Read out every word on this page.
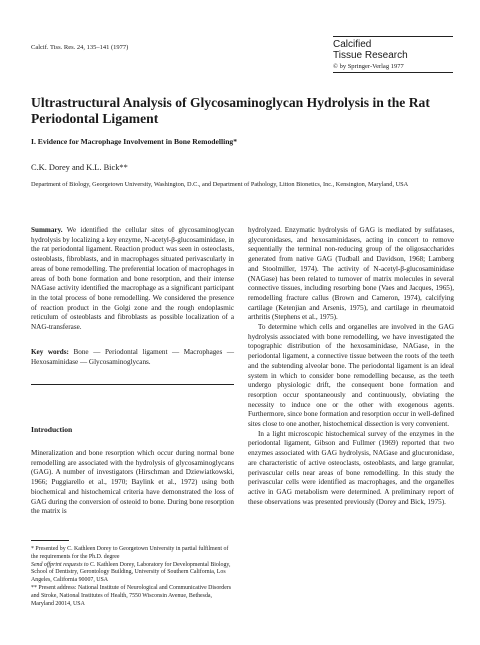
Calcif. Tiss. Res. 24, 135–141 (1977)	Calcified
Tissue Research
© by Springer-Verlag 1977
Ultrastructural Analysis of Glycosaminoglycan Hydrolysis in the Rat Periodontal Ligament
I. Evidence for Macrophage Involvement in Bone Remodelling*
C.K. Dorey and K.L. Bick**
Department of Biology, Georgetown University, Washington, D.C., and Department of Pathology, Litton Bionetics, Inc., Kensington, Maryland, USA

Summary. We identified the cellular sites of glycosaminoglycan hydrolysis by localizing a key enzyme, N-acetyl-β-glucosaminidase, in the rat periodontal ligament. Reaction product was seen in osteoclasts, osteoblasts, fibroblasts, and in macrophages situated perivascularly in areas of bone remodelling. The preferential location of macrophages in areas of both bone formation and bone resorption, and their intense NAGase activity identified the macrophage as a significant participant in the total process of bone remodelling. We considered the presence of reaction product in the Golgi zone and the rough endoplasmic reticulum of osteoblasts and fibroblasts as possible localization of a NAG-transferase.

Key words: Bone — Periodontal ligament — Macrophages — Hexosaminidase — Glycosaminoglycans.

Introduction

Mineralization and bone resorption which occur during normal bone remodelling are associated with the hydrolysis of glycosaminoglycans (GAG). A number of investigators (Hirschman and Dziewiatkowski, 1966; Puggiarello et al., 1970; Baylink et al., 1972) using both biochemical and histochemical criteria have demonstrated the loss of GAG during the conversion of osteoid to bone. During bone resorption the matrix is

* Presented by C. Kathleen Dorey to Georgetown University in partial fulfilment of the requirements for the Ph.D. degree

Send offprint requests to C. Kathleen Dorey, Laboratory for Developmental Biology, School of Dentistry, Gerontology Building, University of Southern California, Los Angeles, California 90007, USA

** Present address: National Institute of Neurological and Communicative Disorders and Stroke, National Institutes of Health, 7550 Wisconsin Avenue, Bethesda, Maryland 20014, USA

hydrolyzed. Enzymatic hydrolysis of GAG is mediated by sulfatases, glycuronidases, and hexosaminidases, acting in concert to remove sequentially the terminal non-reducing group of the oligosaccharides generated from native GAG (Tudball and Davidson, 1968; Lamberg and Stoolmiller, 1974). The activity of N-acetyl-β-glucosaminidase (NAGase) has been related to turnover of matrix molecules in several connective tissues, including resorbing bone (Vaes and Jacques, 1965), remodelling fracture callus (Brown and Cameron, 1974), calcifying cartilage (Ketenjian and Arsenis, 1975), and cartilage in rheumatoid arthritis (Stephens et al., 1975).

To determine which cells and organelles are involved in the GAG hydrolysis associated with bone remodelling, we have investigated the topographic distribution of the hexosaminidase, NAGase, in the periodontal ligament, a connective tissue between the roots of the teeth and the subtending alveolar bone. The periodontal ligament is an ideal system in which to consider bone remodelling because, as the teeth undergo physiologic drift, the consequent bone formation and resorption occur spontaneously and continuously, obviating the necessity to induce one or the other with exogenous agents. Furthermore, since bone formation and resorption occur in well-defined sites close to one another, histochemical dissection is very convenient.

In a light microscopic histochemical survey of the enzymes in the periodontal ligament, Gibson and Fullmer (1969) reported that two enzymes associated with GAG hydrolysis, NAGase and glucuronidase, are characteristic of active osteoclasts, osteoblasts, and large granular, perivascular cells near areas of bone remodelling. In this study the perivascular cells were identified as macrophages, and the organelles active in GAG metabolism were determined. A preliminary report of these observations was presented previously (Dorey and Bick, 1975).
